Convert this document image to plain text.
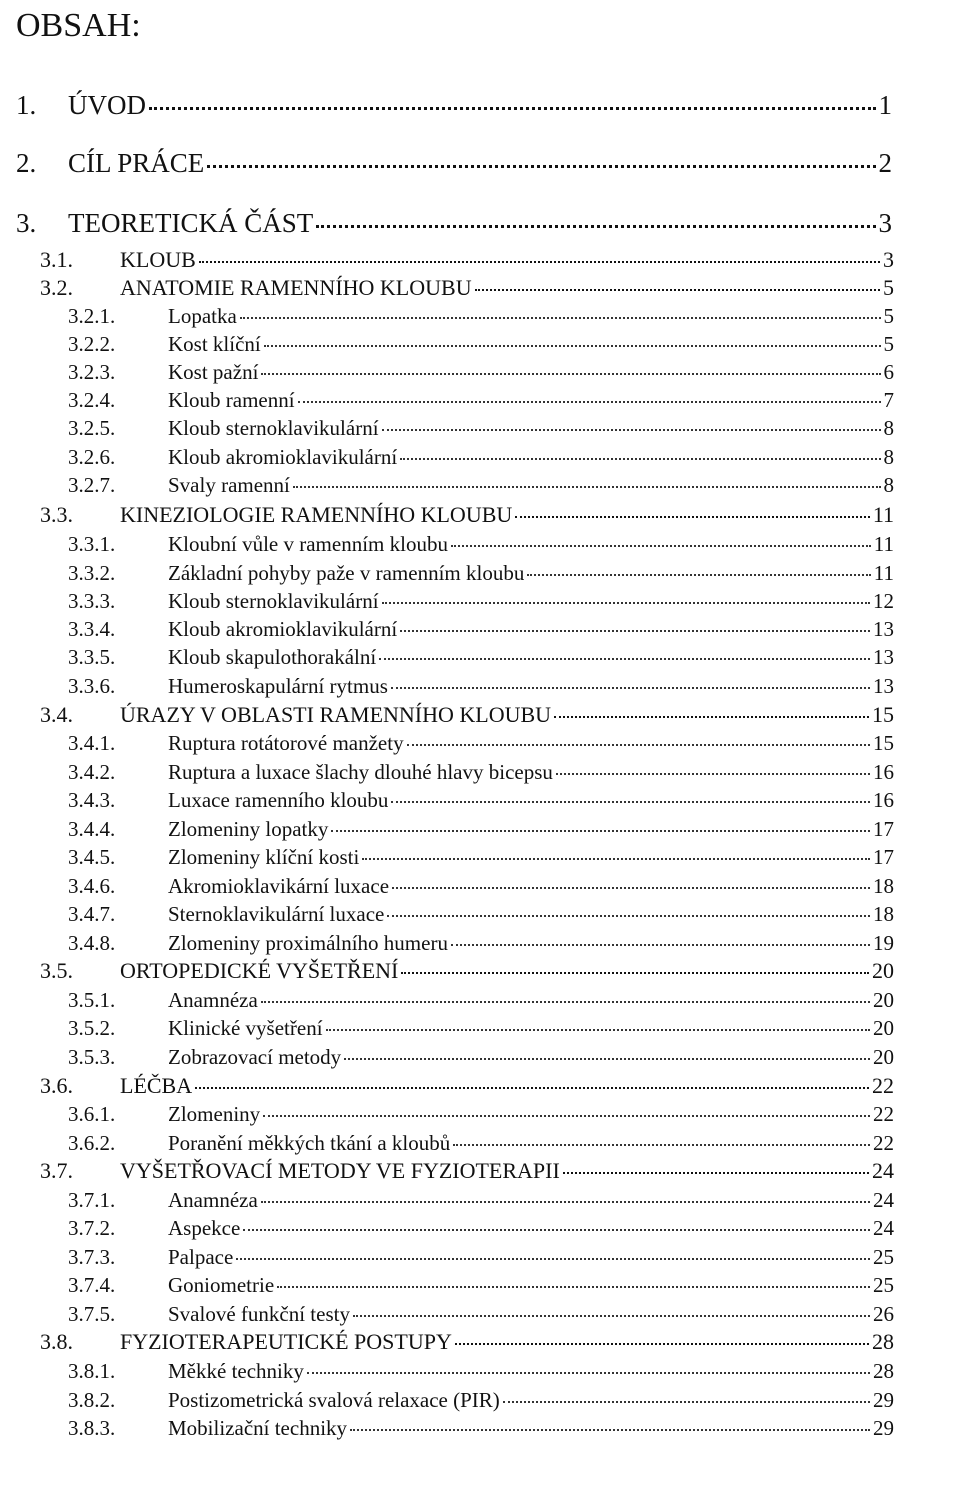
OBSAH:
1.	ÚVOD	1
2.	CÍL PRÁCE	2
3.	TEORETICKÁ ČÁST	3
3.1.	KLOUB	3
3.2.	ANATOMIE RAMENNÍHO KLOUBU	5
3.2.1.	Lopatka	5
3.2.2.	Kost klíční	5
3.2.3.	Kost pažní	6
3.2.4.	Kloub ramenní	7
3.2.5.	Kloub sternoklavikulární	8
3.2.6.	Kloub akromioklavikulární	8
3.2.7.	Svaly ramenní	8
3.3.	KINEZIOLOGIE RAMENNÍHO KLOUBU	11
3.3.1.	Kloubní vůle v ramenním kloubu	11
3.3.2.	Základní pohyby paže v ramenním kloubu	11
3.3.3.	Kloub sternoklavikulární	12
3.3.4.	Kloub akromioklavikulární	13
3.3.5.	Kloub skapulothorakální	13
3.3.6.	Humeroskapulární rytmus	13
3.4.	ÚRAZY V OBLASTI RAMENNÍHO KLOUBU	15
3.4.1.	Ruptura rotátorové manžety	15
3.4.2.	Ruptura a luxace šlachy dlouhé hlavy bicepsu	16
3.4.3.	Luxace ramenního kloubu	16
3.4.4.	Zlomeniny lopatky	17
3.4.5.	Zlomeniny klíční kosti	17
3.4.6.	Akromioklavikární luxace	18
3.4.7.	Sternoklavikulární luxace	18
3.4.8.	Zlomeniny proximálního humeru	19
3.5.	ORTOPEDICKÉ VYŠETŘENÍ	20
3.5.1.	Anamnéza	20
3.5.2.	Klinické vyšetření	20
3.5.3.	Zobrazovací metody	20
3.6.	LÉČBA	22
3.6.1.	Zlomeniny	22
3.6.2.	Poranění měkkých tkání a kloubů	22
3.7.	VYŠETŘOVACÍ METODY VE FYZIOTERAPII	24
3.7.1.	Anamnéza	24
3.7.2.	Aspekce	24
3.7.3.	Palpace	25
3.7.4.	Goniometrie	25
3.7.5.	Svalové funkční testy	26
3.8.	FYZIOTERAPEUTICKÉ POSTUPY	28
3.8.1.	Měkké techniky	28
3.8.2.	Postizometrická svalová relaxace (PIR)	29
3.8.3.	Mobilizační techniky	29
